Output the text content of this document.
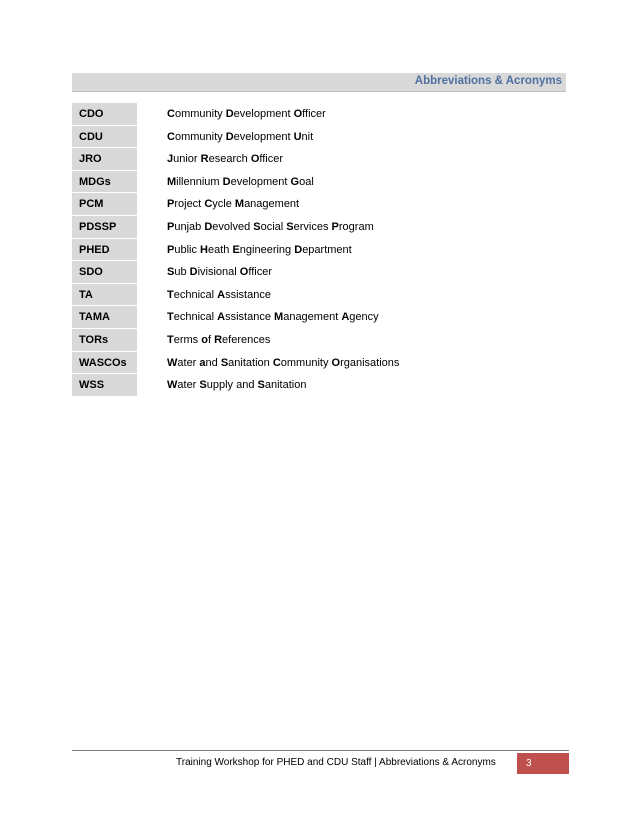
Abbreviations & Acronyms
CDO	Community Development Officer
CDU	Community Development Unit
JRO	Junior Research Officer
MDGs	Millennium Development Goal
PCM	Project Cycle Management
PDSSP	Punjab Devolved Social Services Program
PHED	Public Heath Engineering Department
SDO	Sub Divisional Officer
TA	Technical Assistance
TAMA	Technical Assistance Management Agency
TORs	Terms of References
WASCOs	Water and Sanitation Community Organisations
WSS	Water Supply and Sanitation
Training Workshop for PHED and CDU Staff | Abbreviations & Acronyms	3
